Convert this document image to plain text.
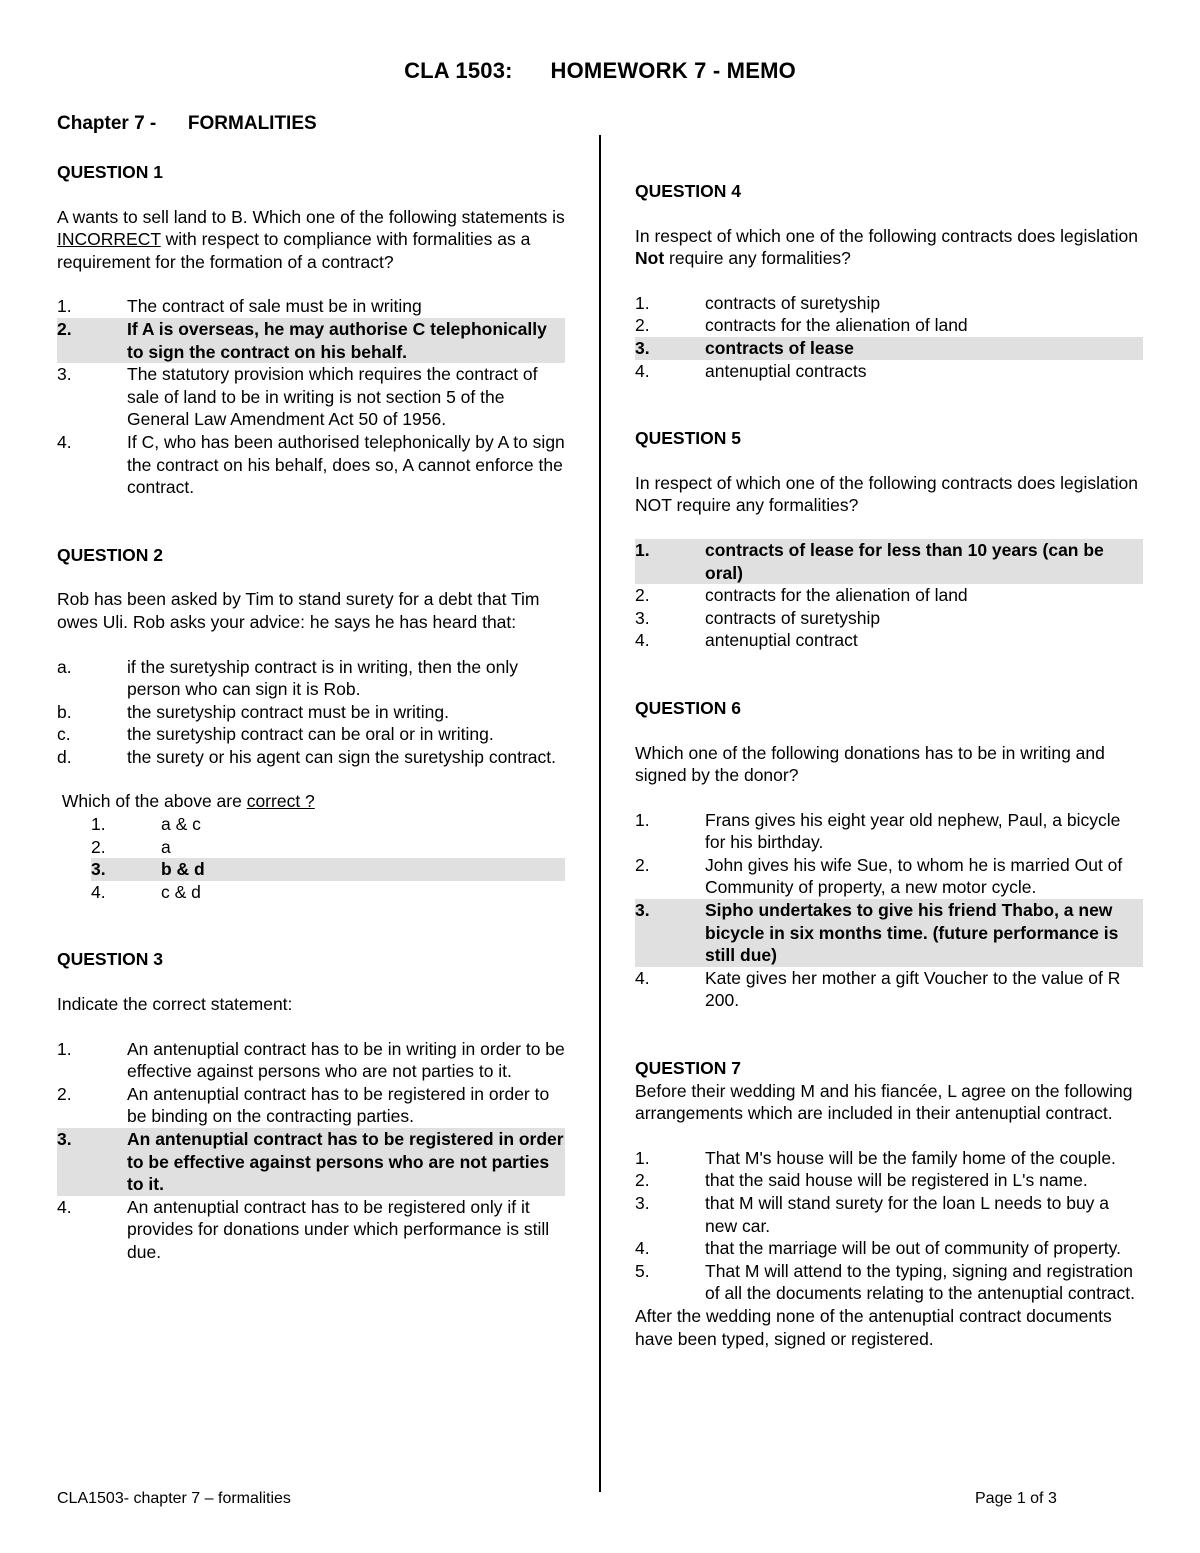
CLA 1503:      HOMEWORK 7 - MEMO
Chapter 7 -      FORMALITIES
QUESTION 1
A wants to sell land to B. Which one of the following statements is INCORRECT with respect to compliance with formalities as a requirement for the formation of a contract?
1.	The contract of sale must be in writing
2.	If A is overseas, he may authorise C telephonically to sign the contract on his behalf.
3.	The statutory provision which requires the contract of sale of land to be in writing is not section 5 of the General Law Amendment Act 50 of 1956.
4.	If C, who has been authorised telephonically by A to sign the contract on his behalf, does so, A cannot enforce the contract.
QUESTION 2
Rob has been asked by Tim to stand surety for a debt that Tim owes Uli. Rob asks your advice: he says he has heard that:
a.	if the suretyship contract is in writing, then the only person who can sign it is Rob.
b.	the suretyship contract must be in writing.
c.	the suretyship contract can be oral or in writing.
d.	the surety or his agent can sign the suretyship contract.
Which of the above are correct ?
1.	a & c
2.	a
3.	b & d
4.	c & d
QUESTION 3
Indicate the correct statement:
1.	An antenuptial contract has to be in writing in order to be effective against persons who are not parties to it.
2.	An antenuptial contract has to be registered in order to be binding on the contracting parties.
3.	An antenuptial contract has to be registered in order to be effective against persons who are not parties to it.
4.	An antenuptial contract has to be registered only if it provides for donations under which performance is still due.
QUESTION 4
In respect of which one of the following contracts does legislation Not require any formalities?
1.	contracts of suretyship
2.	contracts for the alienation of land
3.	contracts of lease
4.	antenuptial contracts
QUESTION 5
In respect of which one of the following contracts does legislation NOT require any formalities?
1.	contracts of lease for less than 10 years (can be oral)
2.	contracts for the alienation of land
3.	contracts of suretyship
4.	antenuptial contract
QUESTION 6
Which one of the following donations has to be in writing and signed by the donor?
1.	Frans gives his eight year old nephew, Paul, a bicycle for his birthday.
2.	John gives his wife Sue, to whom he is married Out of Community of property, a new motor cycle.
3.	Sipho undertakes to give his friend Thabo, a new bicycle in six months time. (future performance is still due)
4.	Kate gives her mother a gift Voucher to the value of R 200.
QUESTION 7
Before their wedding M and his fiancée, L agree on the following arrangements which are included in their antenuptial contract.
1.	That M's house will be the family home of the couple.
2.	that the said house will be registered in L's name.
3.	that M will stand surety for the loan L needs to buy a new car.
4.	that the marriage will be out of community of property.
5.	That M will attend to the typing, signing and registration of all the documents relating to the antenuptial contract.
After the wedding none of the antenuptial contract documents have been typed, signed or registered.
CLA1503- chapter 7 – formalities	Page 1 of 3
